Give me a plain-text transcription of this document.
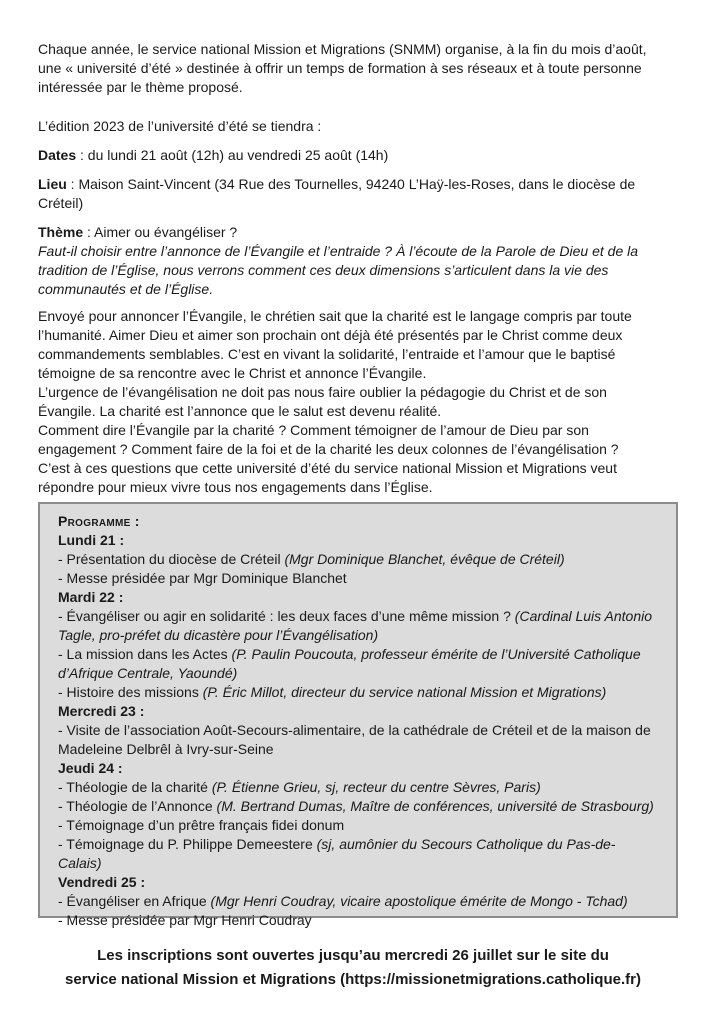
Chaque année, le service national Mission et Migrations (SNMM) organise, à la fin du mois d’août, une « université d’été » destinée à offrir un temps de formation à ses réseaux et à toute personne intéressée par le thème proposé.

L’édition 2023 de l’université d’été se tiendra :

Dates : du lundi 21 août (12h) au vendredi 25 août (14h)

Lieu : Maison Saint-Vincent (34 Rue des Tournelles, 94240 L’Haÿ-les-Roses, dans le diocèse de Créteil)

Thème : Aimer ou évangéliser ?

Faut-il choisir entre l’annonce de l’Évangile et l’entraide ? À l’écoute de la Parole de Dieu et de la tradition de l’Église, nous verrons comment ces deux dimensions s’articulent dans la vie des communautés et de l’Église.

Envoyé pour annoncer l’Évangile, le chrétien sait que la charité est le langage compris par toute l’humanité. Aimer Dieu et aimer son prochain ont déjà été présentés par le Christ comme deux commandements semblables. C’est en vivant la solidarité, l’entraide et l’amour que le baptisé témoigne de sa rencontre avec le Christ et annonce l’Évangile.

L’urgence de l’évangélisation ne doit pas nous faire oublier la pédagogie du Christ et de son Évangile. La charité est l’annonce que le salut est devenu réalité.

Comment dire l’Évangile par la charité ? Comment témoigner de l’amour de Dieu par son engagement ? Comment faire de la foi et de la charité les deux colonnes de l’évangélisation ?

C’est à ces questions que cette université d’été du service national Mission et Migrations veut répondre pour mieux vivre tous nos engagements dans l’Église.

Programme :
Lundi 21 :
- Présentation du diocèse de Créteil (Mgr Dominique Blanchet, évêque de Créteil)
- Messe présidée par Mgr Dominique Blanchet
Mardi 22 :
- Évangéliser ou agir en solidarité : les deux faces d’une même mission ? (Cardinal Luis Antonio Tagle, pro-préfet du dicastère pour l’Évangélisation)
- La mission dans les Actes (P. Paulin Poucouta, professeur émérite de l’Université Catholique d’Afrique Centrale, Yaoundé)
- Histoire des missions (P. Éric Millot, directeur du service national Mission et Migrations)
Mercredi 23 :
- Visite de l’association Août-Secours-alimentaire, de la cathédrale de Créteil et de la maison de Madeleine Delbrêl à Ivry-sur-Seine
Jeudi 24 :
- Théologie de la charité (P. Étienne Grieu, sj, recteur du centre Sèvres, Paris)
- Théologie de l’Annonce (M. Bertrand Dumas, Maître de conférences, université de Strasbourg)
- Témoignage d’un prêtre français fidei donum
- Témoignage du P. Philippe Demeestere (sj, aumônier du Secours Catholique du Pas-de-Calais)
Vendredi 25 :
- Évangéliser en Afrique (Mgr Henri Coudray, vicaire apostolique émérite de Mongo - Tchad)
- Messe présidée par Mgr Henri Coudray
Les inscriptions sont ouvertes jusqu’au mercredi 26 juillet sur le site du
service national Mission et Migrations (https://missionetmigrations.catholique.fr)
